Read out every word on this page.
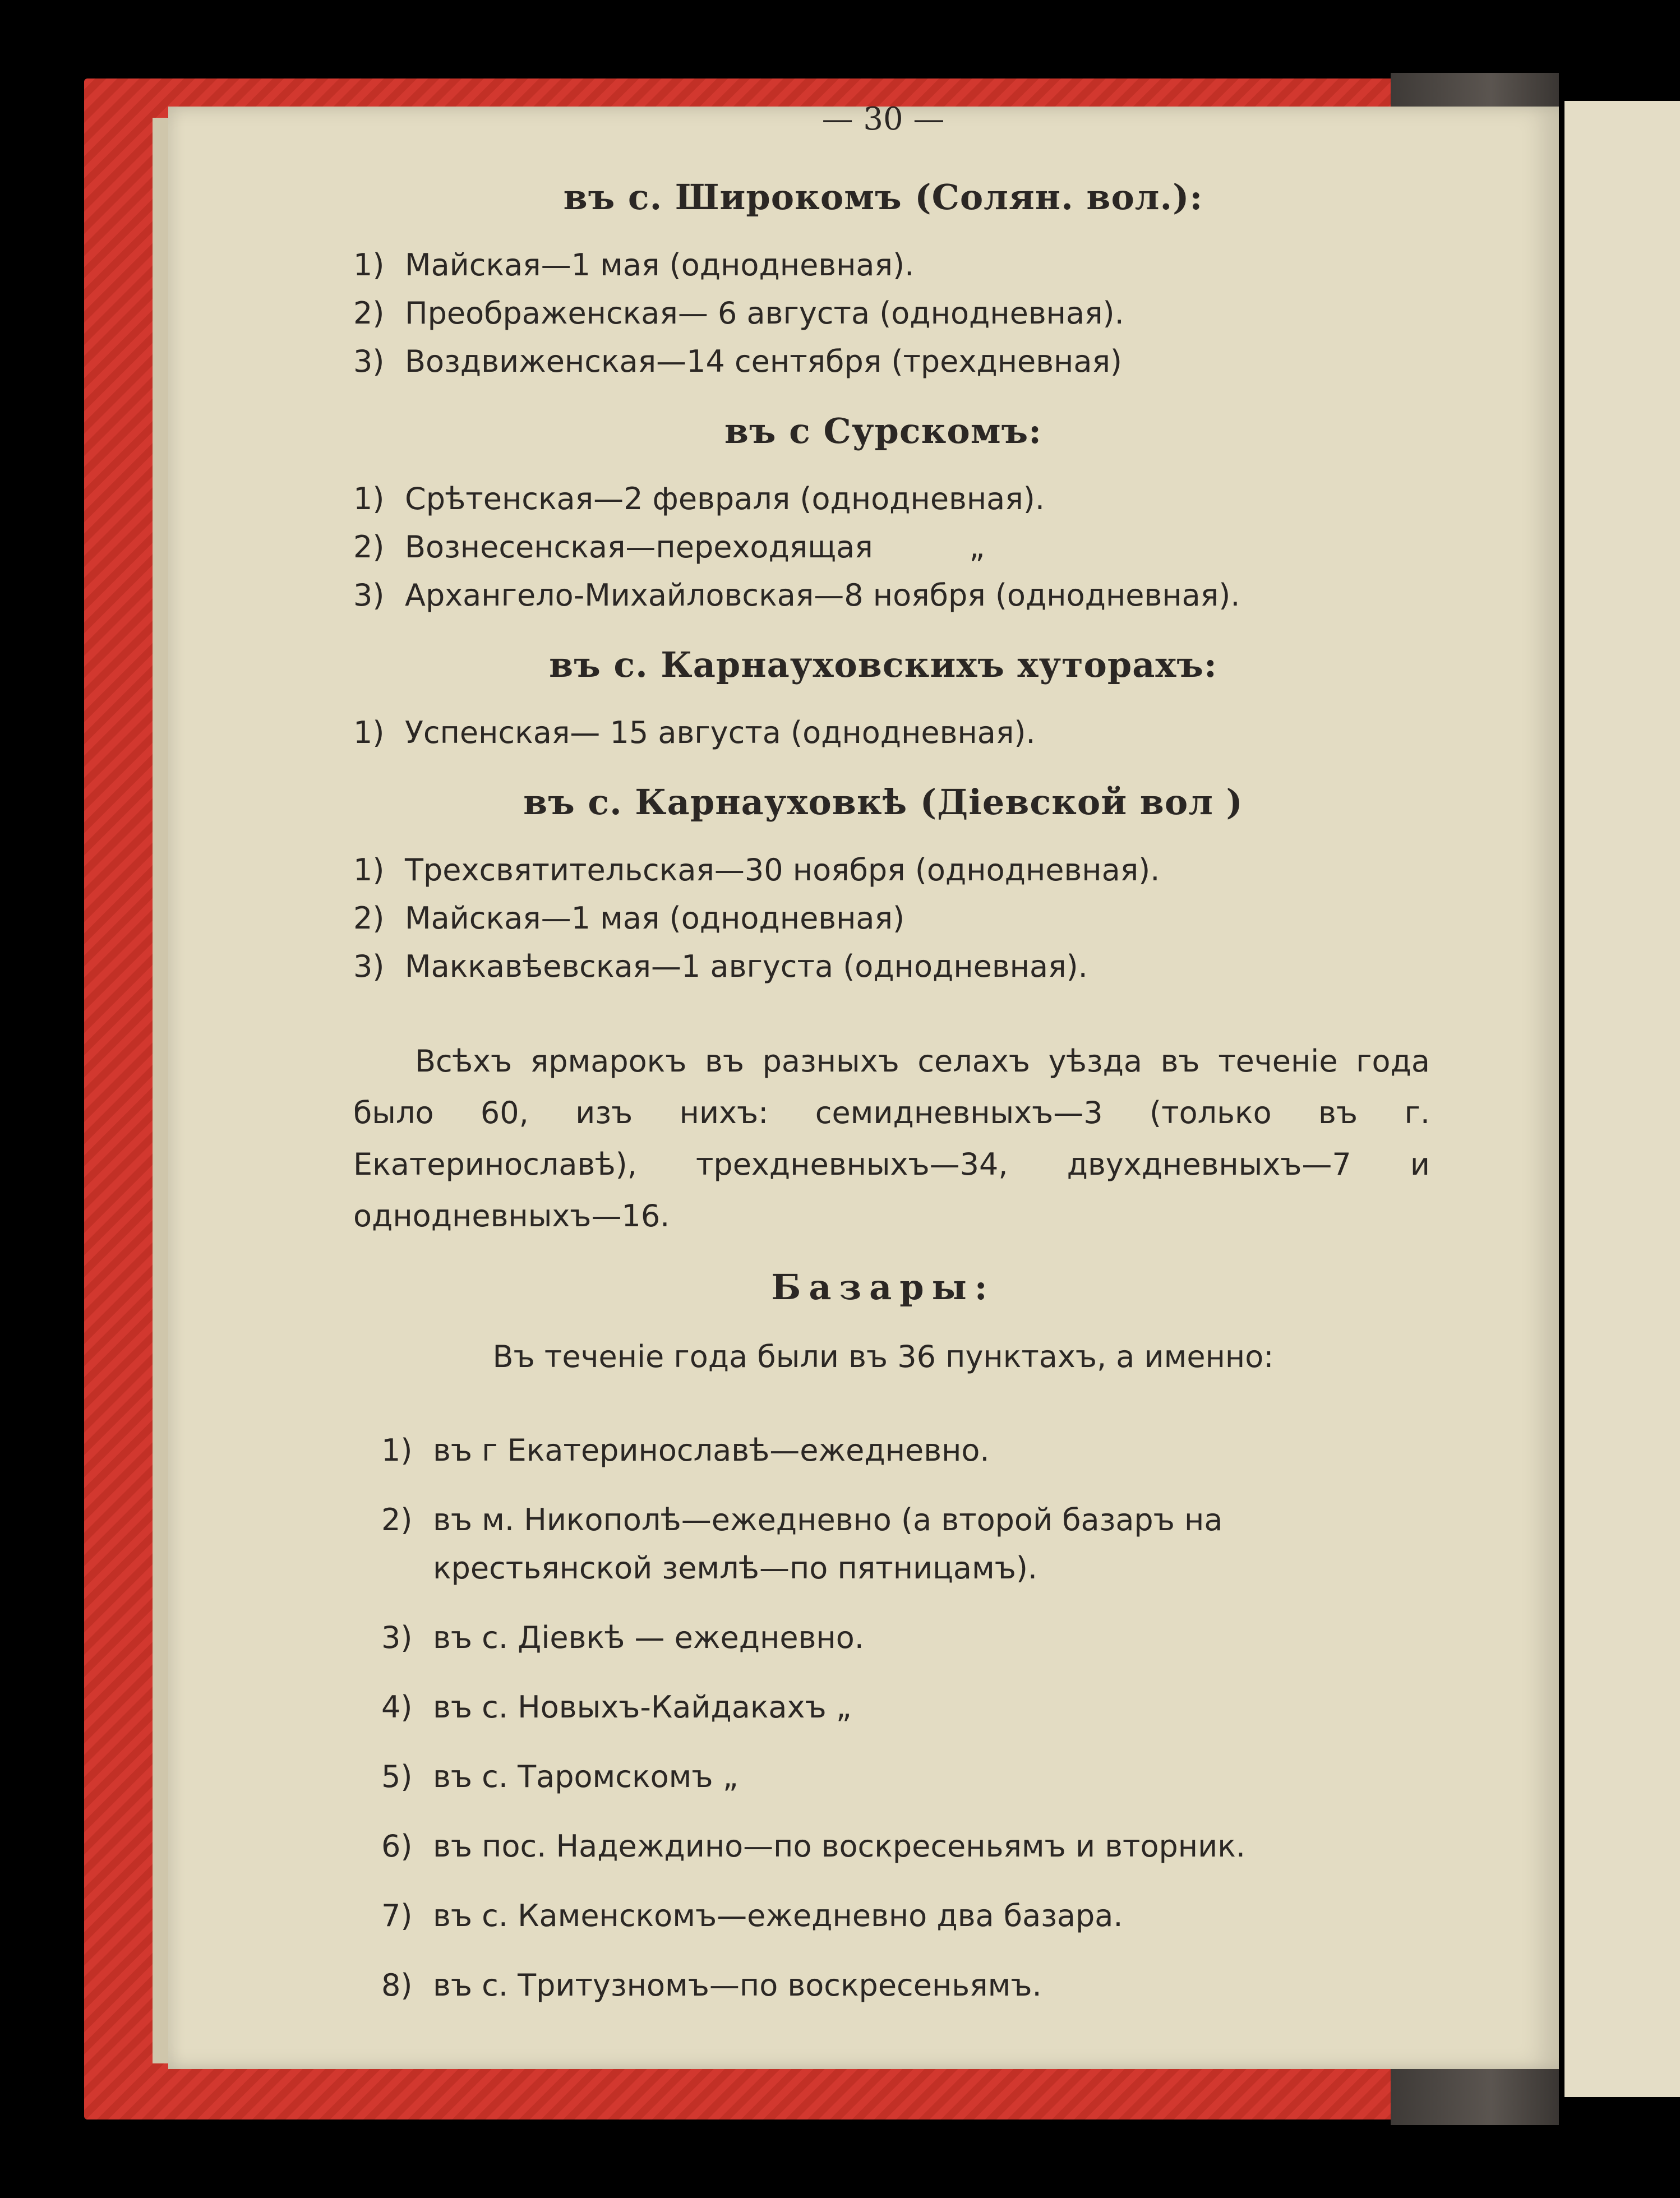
— 30 —
въ с. Широкомъ (Солян. вол.):
1) Майская—1 мая (однодневная).
2) Преображенская— 6 августа (однодневная).
3) Воздвиженская—14 сентября (трехдневная)
въ с Сурскомъ:
1) Срѣтенская—2 февраля (однодневная).
2) Вознесенская—переходящая          „
3) Архангело-Михайловская—8 ноября (однодневная).
въ с. Карнауховскихъ хуторахъ:
1) Успенская— 15 августа (однодневная).
въ с. Карнауховкѣ (Діевской вол )
1) Трехсвятительская—30 ноября (однодневная).
2) Майская—1 мая (однодневная)
3) Маккавѣевская—1 августа (однодневная).
Всѣхъ ярмарокъ въ разныхъ селахъ уѣзда въ теченіе года было 60, изъ нихъ: семидневныхъ—3 (только въ г. Екатеринославѣ), трехдневныхъ—34, двухдневныхъ—7 и однодневныхъ—16.
Базары:
Въ теченіе года были въ 36 пунктахъ, а именно:

1) въ г Екатеринославѣ—ежедневно.

2) въ м. Никополѣ—ежедневно (а второй базаръ на
крестьянской землѣ—по пятницамъ).

3) въ с. Діевкѣ — ежедневно.

4) въ с. Новыхъ-Кайдакахъ „

5) въ с. Таромскомъ „

6) въ пос. Надеждино—по воскресеньямъ и вторник.

7) въ с. Каменскомъ—ежедневно два базара.

8) въ с. Тритузномъ—по воскресеньямъ.
